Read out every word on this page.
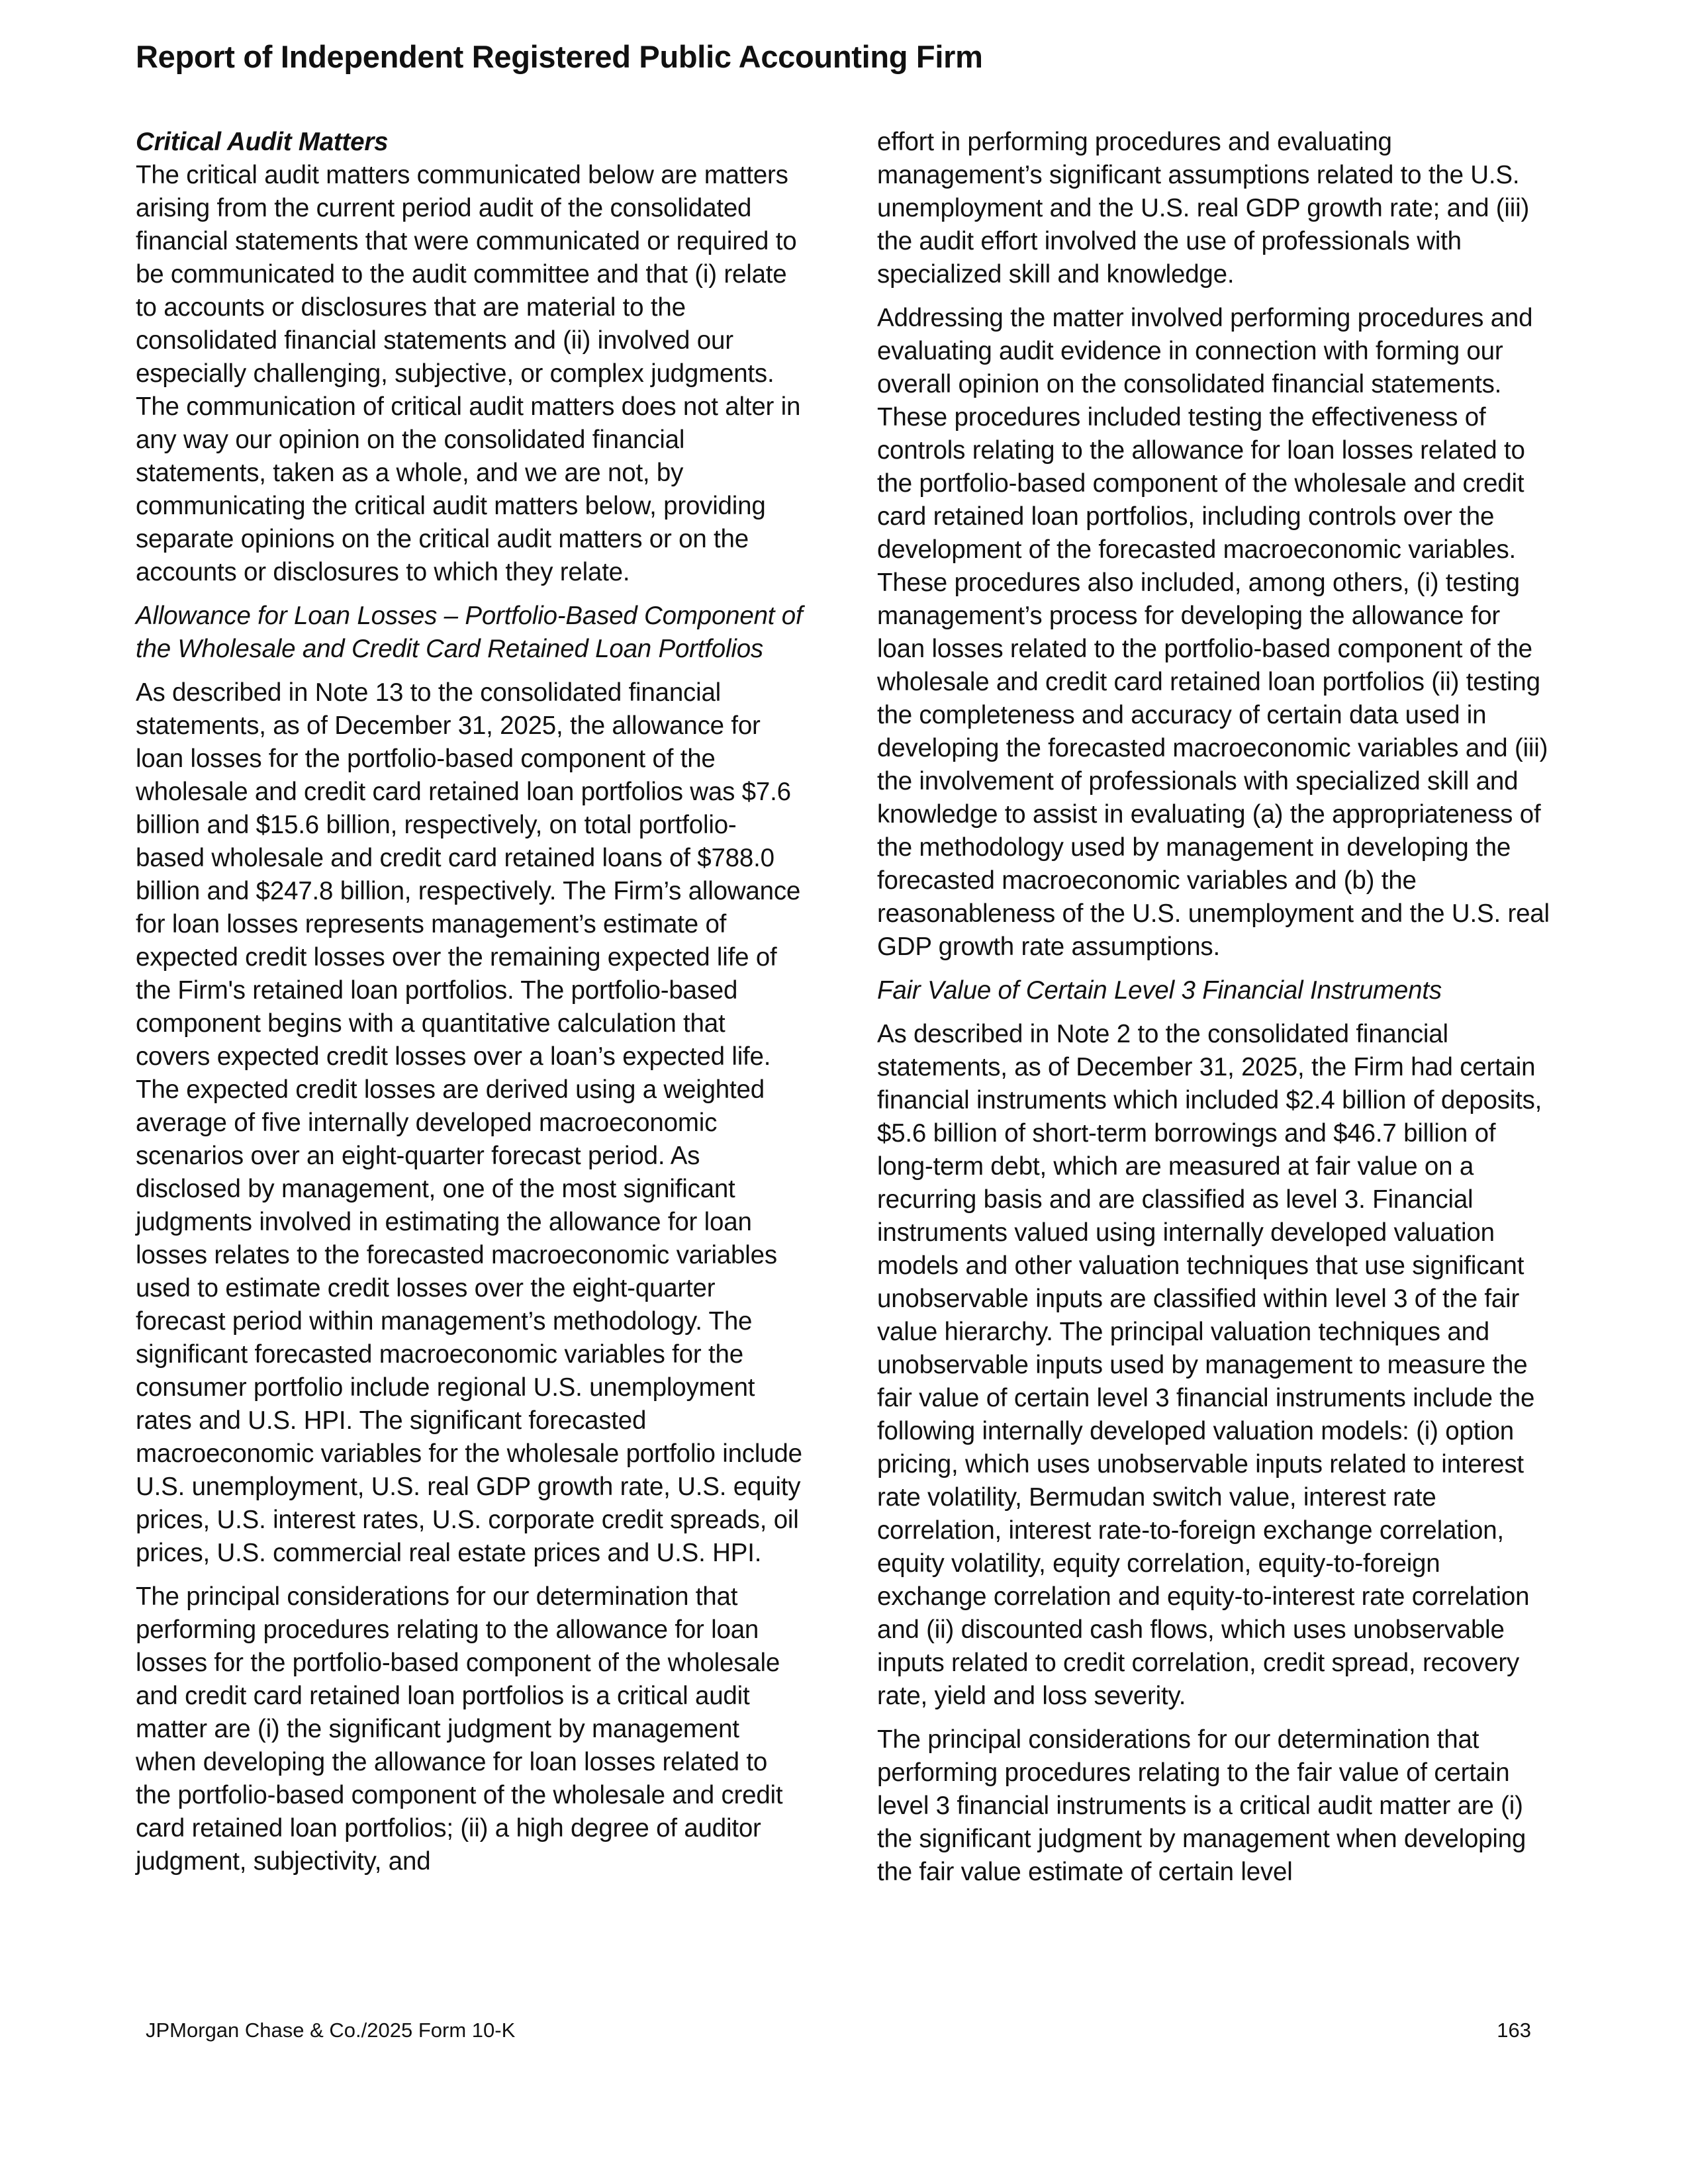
Report of Independent Registered Public Accounting Firm
Critical Audit Matters

The critical audit matters communicated below are matters arising from the current period audit of the consolidated financial statements that were communicated or required to be communicated to the audit committee and that (i) relate to accounts or disclosures that are material to the consolidated financial statements and (ii) involved our especially challenging, subjective, or complex judgments. The communication of critical audit matters does not alter in any way our opinion on the consolidated financial statements, taken as a whole, and we are not, by communicating the critical audit matters below, providing separate opinions on the critical audit matters or on the accounts or disclosures to which they relate.

Allowance for Loan Losses – Portfolio-Based Component of the Wholesale and Credit Card Retained Loan Portfolios

As described in Note 13 to the consolidated financial statements, as of December 31, 2025, the allowance for loan losses for the portfolio-based component of the wholesale and credit card retained loan portfolios was $7.6 billion and $15.6 billion, respectively, on total portfolio-based wholesale and credit card retained loans of $788.0 billion and $247.8 billion, respectively. The Firm’s allowance for loan losses represents management’s estimate of expected credit losses over the remaining expected life of the Firm's retained loan portfolios. The portfolio-based component begins with a quantitative calculation that covers expected credit losses over a loan’s expected life. The expected credit losses are derived using a weighted average of five internally developed macroeconomic scenarios over an eight-quarter forecast period. As disclosed by management, one of the most significant judgments involved in estimating the allowance for loan losses relates to the forecasted macroeconomic variables used to estimate credit losses over the eight-quarter forecast period within management’s methodology. The significant forecasted macroeconomic variables for the consumer portfolio include regional U.S. unemployment rates and U.S. HPI. The significant forecasted macroeconomic variables for the wholesale portfolio include U.S. unemployment, U.S. real GDP growth rate, U.S. equity prices, U.S. interest rates, U.S. corporate credit spreads, oil prices, U.S. commercial real estate prices and U.S. HPI.

The principal considerations for our determination that performing procedures relating to the allowance for loan losses for the portfolio-based component of the wholesale and credit card retained loan portfolios is a critical audit matter are (i) the significant judgment by management when developing the allowance for loan losses related to the portfolio-based component of the wholesale and credit card retained loan portfolios; (ii) a high degree of auditor judgment, subjectivity, and

effort in performing procedures and evaluating management’s significant assumptions related to the U.S. unemployment and the U.S. real GDP growth rate; and (iii) the audit effort involved the use of professionals with specialized skill and knowledge.

Addressing the matter involved performing procedures and evaluating audit evidence in connection with forming our overall opinion on the consolidated financial statements. These procedures included testing the effectiveness of controls relating to the allowance for loan losses related to the portfolio-based component of the wholesale and credit card retained loan portfolios, including controls over the development of the forecasted macroeconomic variables. These procedures also included, among others, (i) testing management’s process for developing the allowance for loan losses related to the portfolio-based component of the wholesale and credit card retained loan portfolios (ii) testing the completeness and accuracy of certain data used in developing the forecasted macroeconomic variables and (iii) the involvement of professionals with specialized skill and knowledge to assist in evaluating (a) the appropriateness of the methodology used by management in developing the forecasted macroeconomic variables and (b) the reasonableness of the U.S. unemployment and the U.S. real GDP growth rate assumptions.

Fair Value of Certain Level 3 Financial Instruments

As described in Note 2 to the consolidated financial statements, as of December 31, 2025, the Firm had certain financial instruments which included $2.4 billion of deposits, $5.6 billion of short-term borrowings and $46.7 billion of long-term debt, which are measured at fair value on a recurring basis and are classified as level 3. Financial instruments valued using internally developed valuation models and other valuation techniques that use significant unobservable inputs are classified within level 3 of the fair value hierarchy. The principal valuation techniques and unobservable inputs used by management to measure the fair value of certain level 3 financial instruments include the following internally developed valuation models: (i) option pricing, which uses unobservable inputs related to interest rate volatility, Bermudan switch value, interest rate correlation, interest rate-to-foreign exchange correlation, equity volatility, equity correlation, equity-to-foreign exchange correlation and equity-to-interest rate correlation and (ii) discounted cash flows, which uses unobservable inputs related to credit correlation, credit spread, recovery rate, yield and loss severity.

The principal considerations for our determination that performing procedures relating to the fair value of certain level 3 financial instruments is a critical audit matter are (i) the significant judgment by management when developing the fair value estimate of certain level

JPMorgan Chase & Co./2025 Form 10-K	163
